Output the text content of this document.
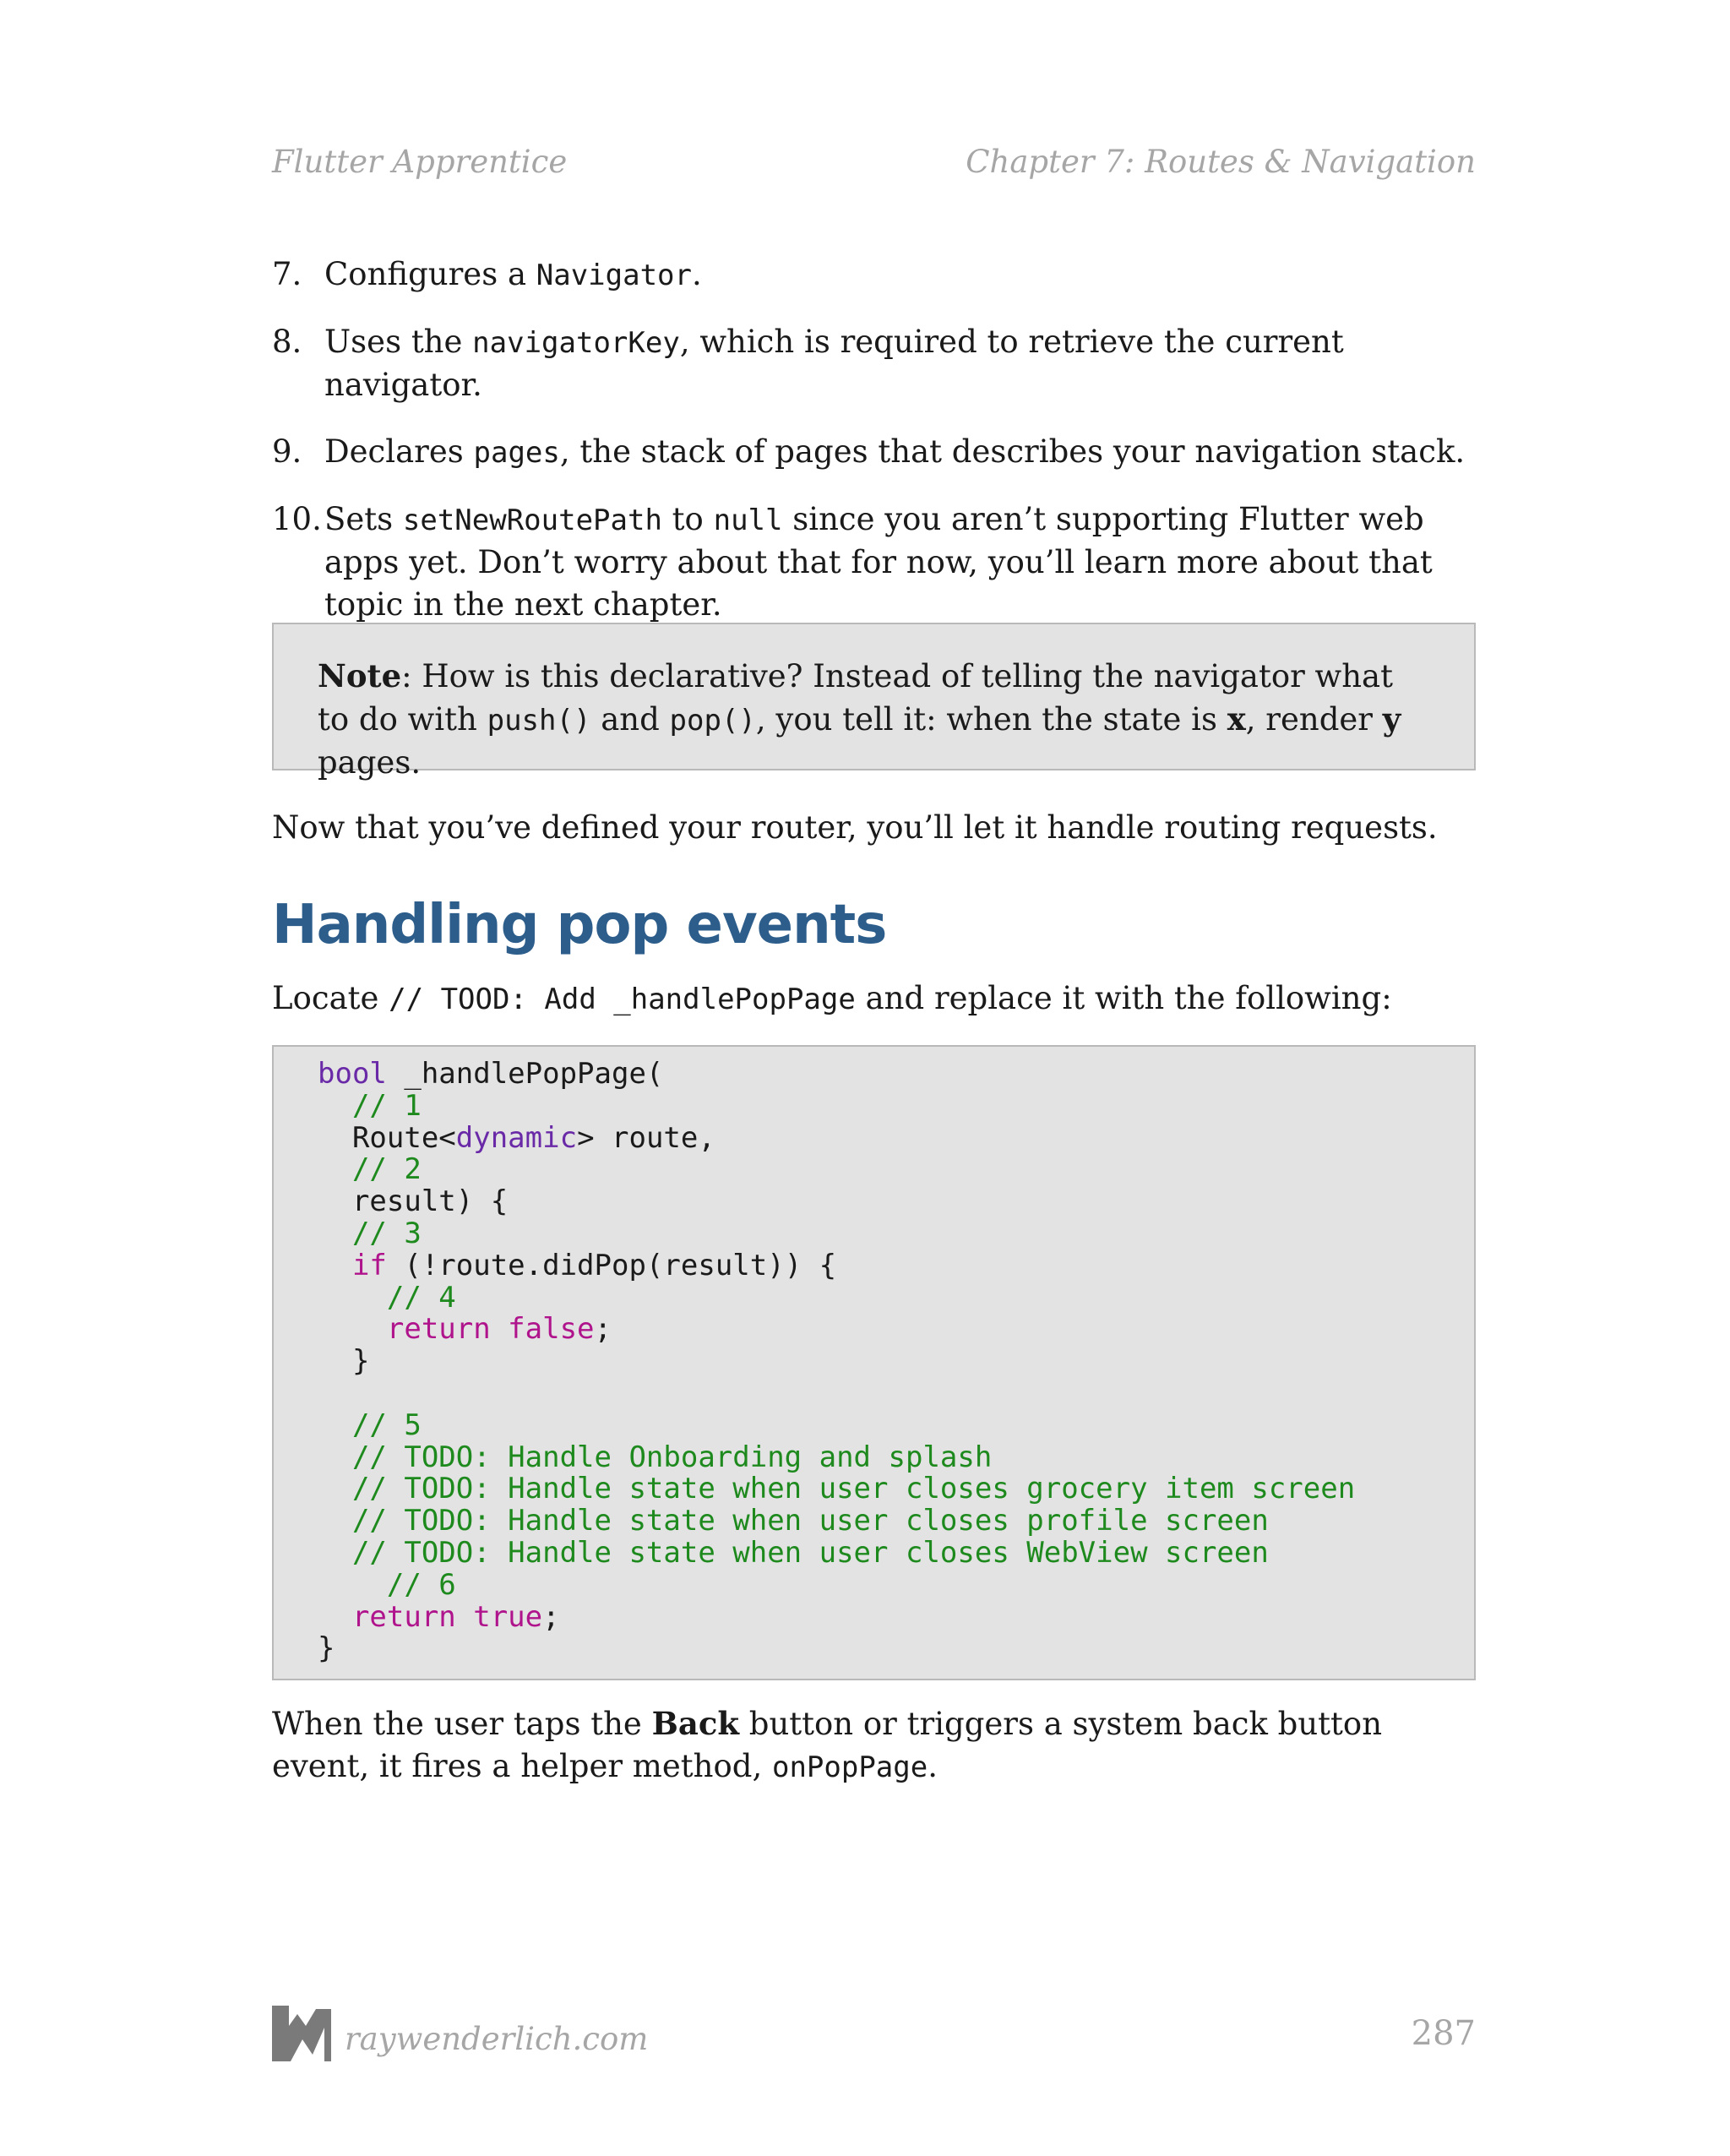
Flutter Apprentice	Chapter 7: Routes & Navigation
7. Configures a Navigator.
8. Uses the navigatorKey, which is required to retrieve the current navigator.
9. Declares pages, the stack of pages that describes your navigation stack.
10. Sets setNewRoutePath to null since you aren’t supporting Flutter web apps yet. Don’t worry about that for now, you’ll learn more about that topic in the next chapter.
Note: How is this declarative? Instead of telling the navigator what to do with push() and pop(), you tell it: when the state is x, render y pages.
Now that you’ve defined your router, you’ll let it handle routing requests.
Handling pop events
Locate // TOOD: Add _handlePopPage and replace it with the following:
bool _handlePopPage(
// 1
Route<dynamic> route,
// 2
result) {
// 3
if (!route.didPop(result)) {
// 4
return false;
}
// 5
// TODO: Handle Onboarding and splash
// TODO: Handle state when user closes grocery item screen
// TODO: Handle state when user closes profile screen
// TODO: Handle state when user closes WebView screen
// 6
return true;
}
When the user taps the Back button or triggers a system back button event, it fires a helper method, onPopPage.
raywenderlich.com	287
